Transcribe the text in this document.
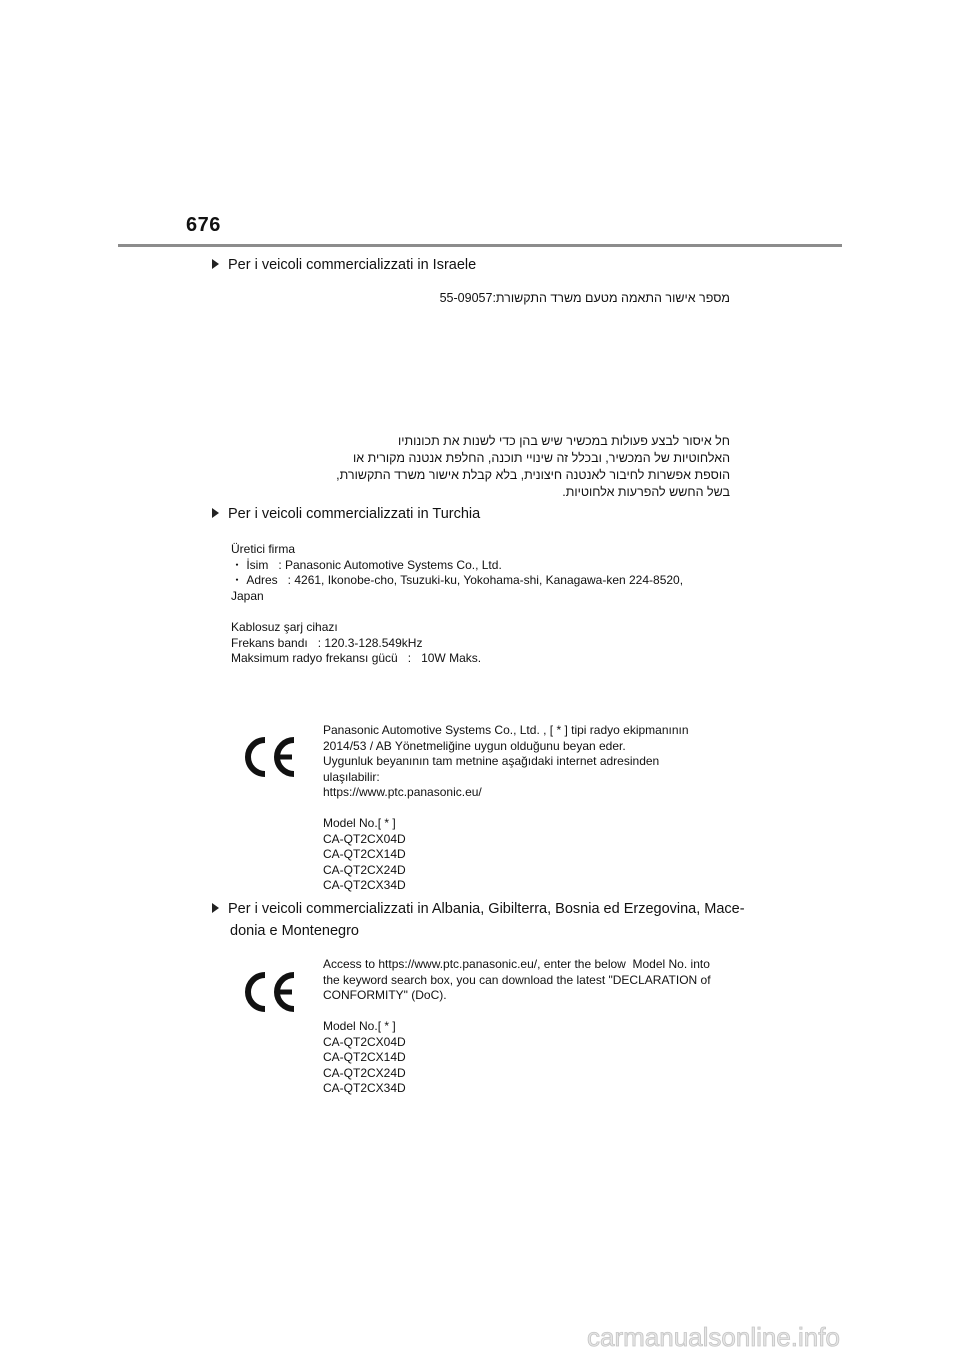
676
Per i veicoli commercializzati in Israele
מספר אישור התאמה מטעם משרד התקשורת:55-09057
חל איסור לבצע פעולות במכשיר שיש בהן כדי לשנות את תכונותיו
האלחוטיות של המכשיר, ובכלל זה שינויי תוכנה, החלפת אנטנה מקורית או
הוספת אפשרות לחיבור לאנטנה חיצונית, בלא קבלת אישור משרד התקשורת,
בשל החשש להפרעות אלחוטיות.
Per i veicoli commercializzati in Turchia
Üretici firma
・ İsim   : Panasonic Automotive Systems Co., Ltd.
・ Adres   : 4261, Ikonobe-cho, Tsuzuki-ku, Yokohama-shi, Kanagawa-ken 224-8520,
Japan
Kablosuz şarj cihazı
Frekans bandı   : 120.3-128.549kHz
Maksimum radyo frekansı gücü   :   10W Maks.
Panasonic Automotive Systems Co., Ltd. , [ * ] tipi radyo ekipmanının
2014/53 / AB Yönetmeliğine uygun olduğunu beyan eder.
Uygunluk beyanının tam metnine aşağıdaki internet adresinden
ulaşılabilir:
https://www.ptc.panasonic.eu/
Model No.[ * ]
CA-QT2CX04D
CA-QT2CX14D
CA-QT2CX24D
CA-QT2CX34D
Per i veicoli commercializzati in Albania, Gibilterra, Bosnia ed Erzegovina, Mace-
donia e Montenegro
Access to https://www.ptc.panasonic.eu/, enter the below  Model No. into
the keyword search box, you can download the latest "DECLARATION of
CONFORMITY" (DoC).
Model No.[ * ]
CA-QT2CX04D
CA-QT2CX14D
CA-QT2CX24D
CA-QT2CX34D
carmanualsonline.info
